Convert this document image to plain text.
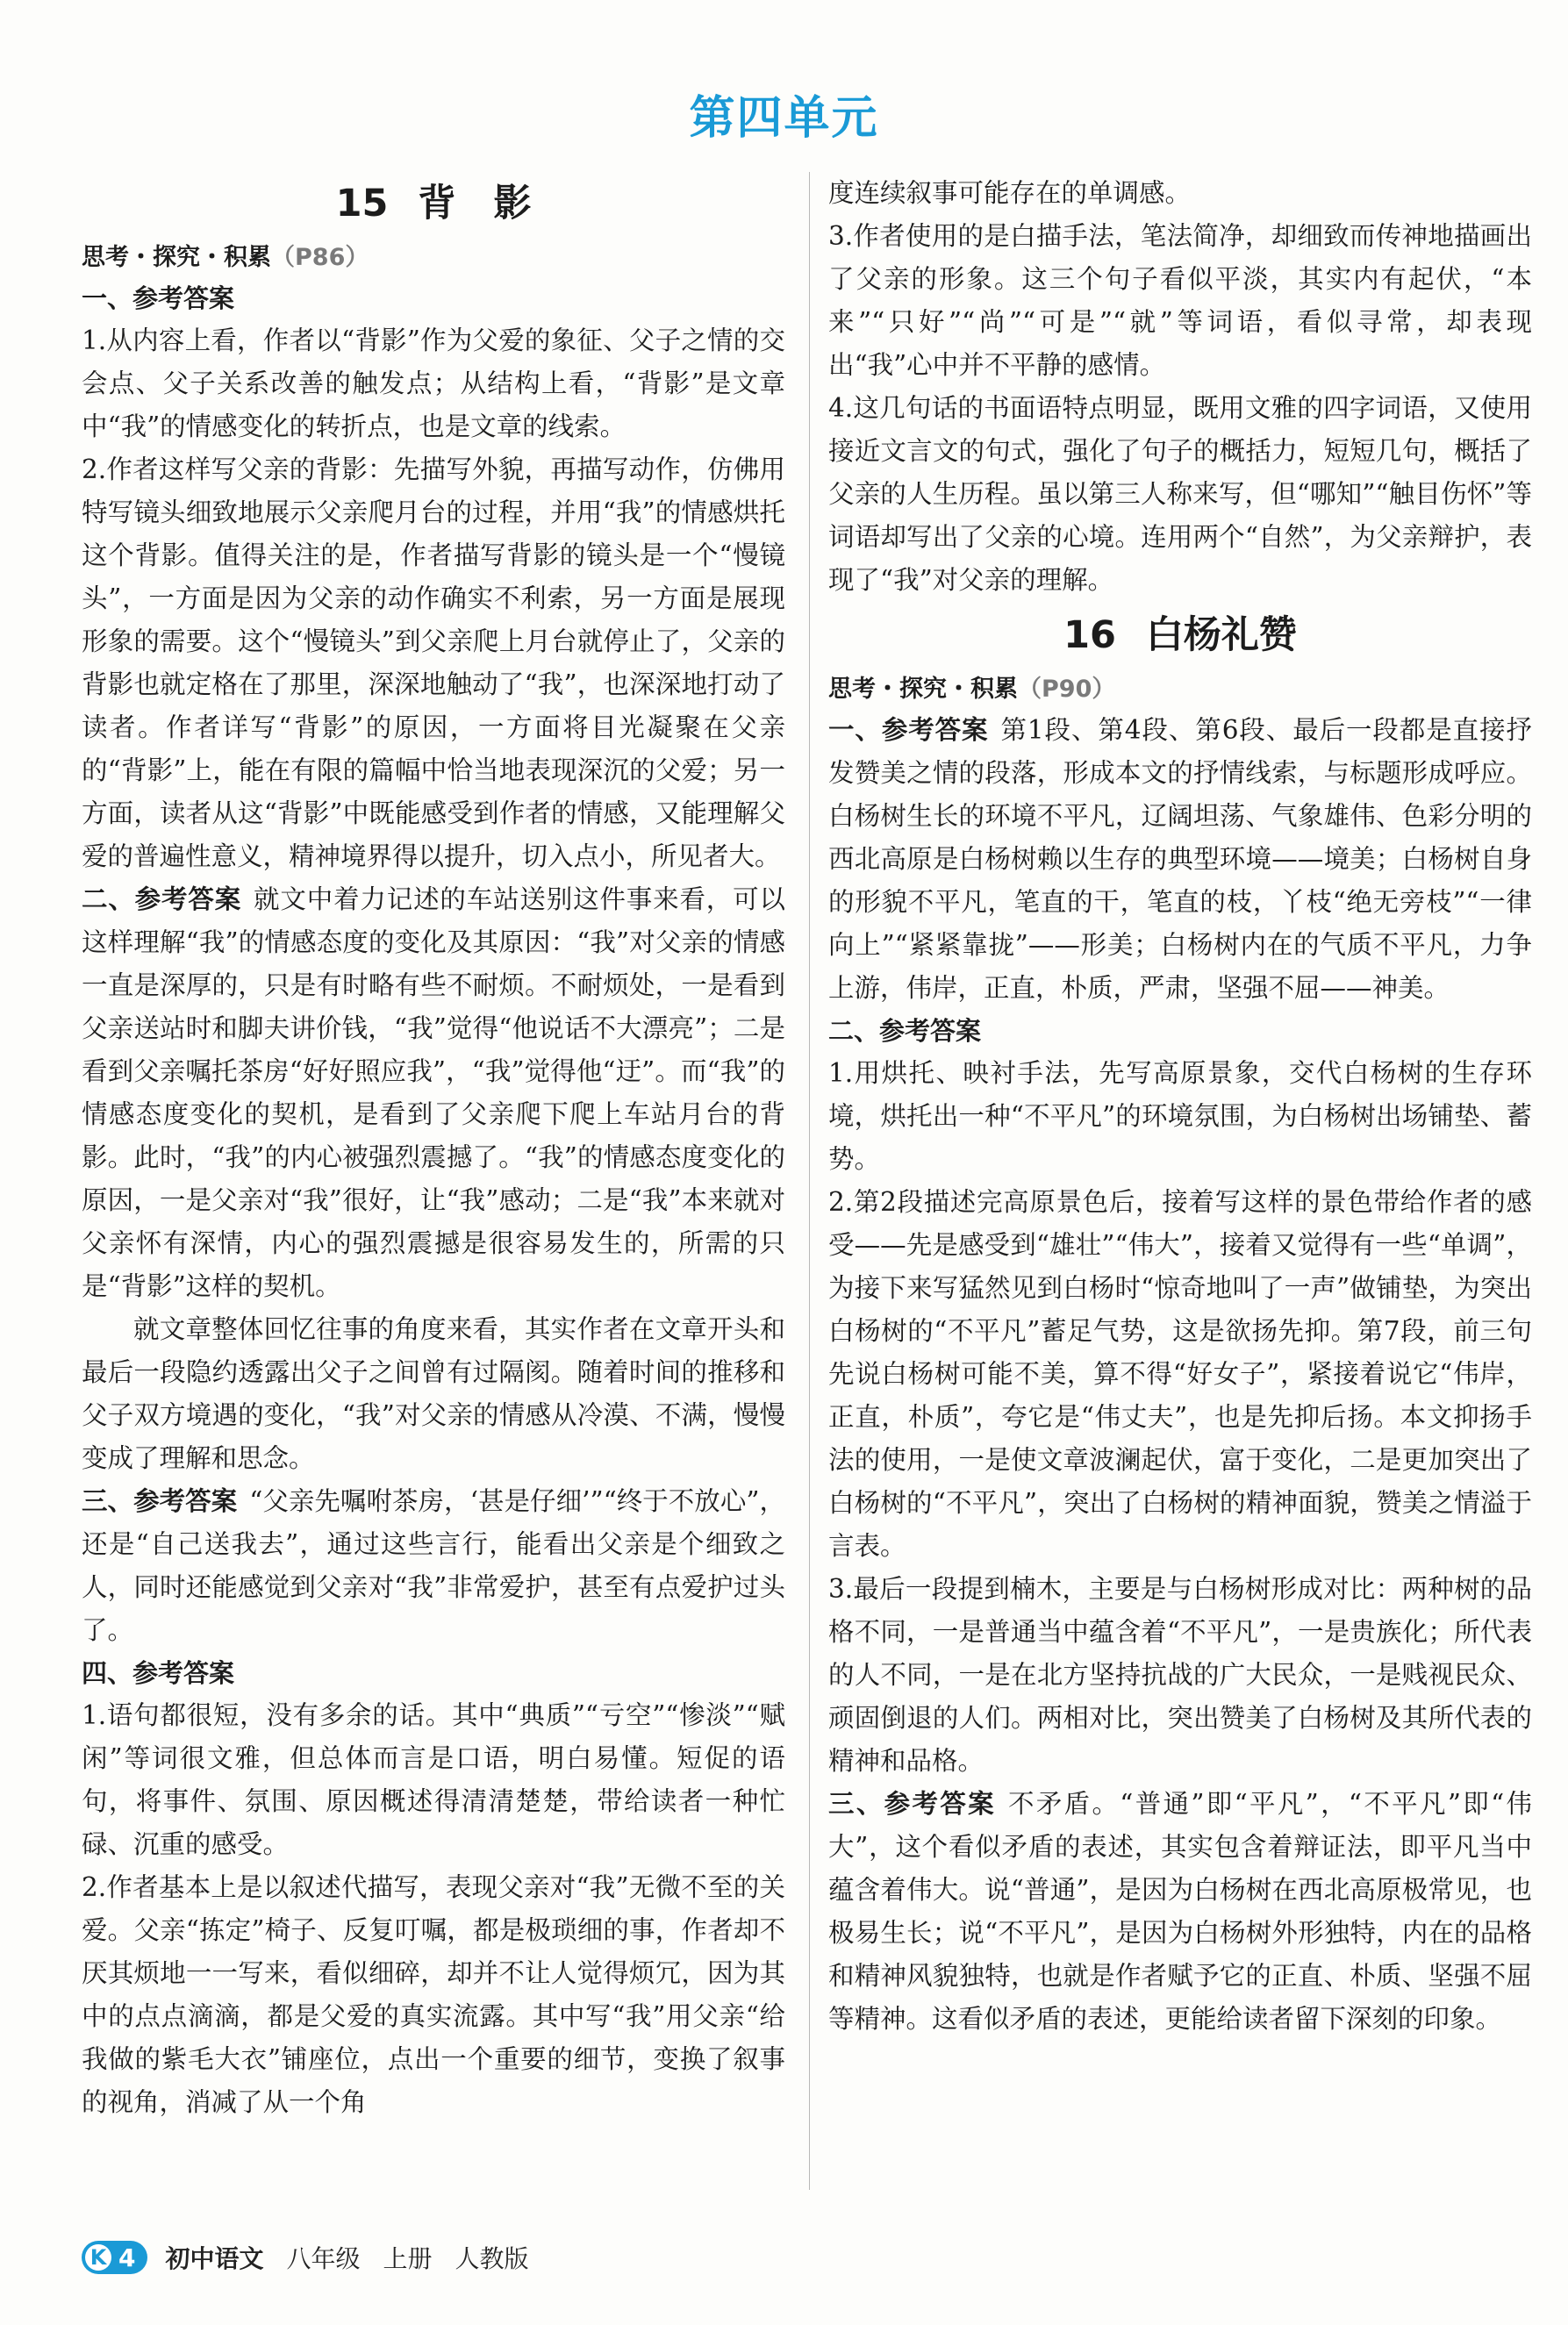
第四单元
15 背　影
思考・探究・积累（P86）
一、参考答案

1.从内容上看，作者以“背影”作为父爱的象征、父子之情的交会点、父子关系改善的触发点；从结构上看，“背影”是文章中“我”的情感变化的转折点，也是文章的线索。

2.作者这样写父亲的背影：先描写外貌，再描写动作，仿佛用特写镜头细致地展示父亲爬月台的过程，并用“我”的情感烘托这个背影。值得关注的是，作者描写背影的镜头是一个“慢镜头”，一方面是因为父亲的动作确实不利索，另一方面是展现形象的需要。这个“慢镜头”到父亲爬上月台就停止了，父亲的背影也就定格在了那里，深深地触动了“我”，也深深地打动了读者。作者详写“背影”的原因，一方面将目光凝聚在父亲的“背影”上，能在有限的篇幅中恰当地表现深沉的父爱；另一方面，读者从这“背影”中既能感受到作者的情感，又能理解父爱的普遍性意义，精神境界得以提升，切入点小，所见者大。

二、参考答案 就文中着力记述的车站送别这件事来看，可以这样理解“我”的情感态度的变化及其原因：“我”对父亲的情感一直是深厚的，只是有时略有些不耐烦。不耐烦处，一是看到父亲送站时和脚夫讲价钱，“我”觉得“他说话不大漂亮”；二是看到父亲嘱托茶房“好好照应我”，“我”觉得他“迂”。而“我”的情感态度变化的契机，是看到了父亲爬下爬上车站月台的背影。此时，“我”的内心被强烈震撼了。“我”的情感态度变化的原因，一是父亲对“我”很好，让“我”感动；二是“我”本来就对父亲怀有深情，内心的强烈震撼是很容易发生的，所需的只是“背影”这样的契机。

就文章整体回忆往事的角度来看，其实作者在文章开头和最后一段隐约透露出父子之间曾有过隔阂。随着时间的推移和父子双方境遇的变化，“我”对父亲的情感从冷漠、不满，慢慢变成了理解和思念。

三、参考答案 “父亲先嘱咐茶房，‘甚是仔细’”“终于不放心”，还是“自己送我去”，通过这些言行，能看出父亲是个细致之人，同时还能感觉到父亲对“我”非常爱护，甚至有点爱护过头了。

四、参考答案

1.语句都很短，没有多余的话。其中“典质”“亏空”“惨淡”“赋闲”等词很文雅，但总体而言是口语，明白易懂。短促的语句，将事件、氛围、原因概述得清清楚楚，带给读者一种忙碌、沉重的感受。

2.作者基本上是以叙述代描写，表现父亲对“我”无微不至的关爱。父亲“拣定”椅子、反复叮嘱，都是极琐细的事，作者却不厌其烦地一一写来，看似细碎，却并不让人觉得烦冗，因为其中的点点滴滴，都是父爱的真实流露。其中写“我”用父亲“给我做的紫毛大衣”铺座位，点出一个重要的细节，变换了叙事的视角，消减了从一个角

度连续叙事可能存在的单调感。

3.作者使用的是白描手法，笔法简净，却细致而传神地描画出了父亲的形象。这三个句子看似平淡，其实内有起伏，“本来”“只好”“尚”“可是”“就”等词语，看似寻常，却表现出“我”心中并不平静的感情。

4.这几句话的书面语特点明显，既用文雅的四字词语，又使用接近文言文的句式，强化了句子的概括力，短短几句，概括了父亲的人生历程。虽以第三人称来写，但“哪知”“触目伤怀”等词语却写出了父亲的心境。连用两个“自然”，为父亲辩护，表现了“我”对父亲的理解。

16 白杨礼赞
思考・探究・积累（P90）

一、参考答案 第1段、第4段、第6段、最后一段都是直接抒发赞美之情的段落，形成本文的抒情线索，与标题形成呼应。白杨树生长的环境不平凡，辽阔坦荡、气象雄伟、色彩分明的西北高原是白杨树赖以生存的典型环境——境美；白杨树自身的形貌不平凡，笔直的干，笔直的枝，丫枝“绝无旁枝”“一律向上”“紧紧靠拢”——形美；白杨树内在的气质不平凡，力争上游，伟岸，正直，朴质，严肃，坚强不屈——神美。

二、参考答案

1.用烘托、映衬手法，先写高原景象，交代白杨树的生存环境，烘托出一种“不平凡”的环境氛围，为白杨树出场铺垫、蓄势。

2.第2段描述完高原景色后，接着写这样的景色带给作者的感受——先是感受到“雄壮”“伟大”，接着又觉得有一些“单调”，为接下来写猛然见到白杨时“惊奇地叫了一声”做铺垫，为突出白杨树的“不平凡”蓄足气势，这是欲扬先抑。第7段，前三句先说白杨树可能不美，算不得“好女子”，紧接着说它“伟岸，正直，朴质”，夸它是“伟丈夫”，也是先抑后扬。本文抑扬手法的使用，一是使文章波澜起伏，富于变化，二是更加突出了白杨树的“不平凡”，突出了白杨树的精神面貌，赞美之情溢于言表。

3.最后一段提到楠木，主要是与白杨树形成对比：两种树的品格不同，一是普通当中蕴含着“不平凡”，一是贵族化；所代表的人不同，一是在北方坚持抗战的广大民众，一是贱视民众、顽固倒退的人们。两相对比，突出赞美了白杨树及其所代表的精神和品格。

三、参考答案 不矛盾。“普通”即“平凡”，“不平凡”即“伟大”，这个看似矛盾的表述，其实包含着辩证法，即平凡当中蕴含着伟大。说“普通”，是因为白杨树在西北高原极常见，也极易生长；说“不平凡”，是因为白杨树外形独特，内在的品格和精神风貌独特，也就是作者赋予它的正直、朴质、坚强不屈等精神。这看似矛盾的表述，更能给读者留下深刻的印象。

K 4 初中语文 八年级 上册 人教版
